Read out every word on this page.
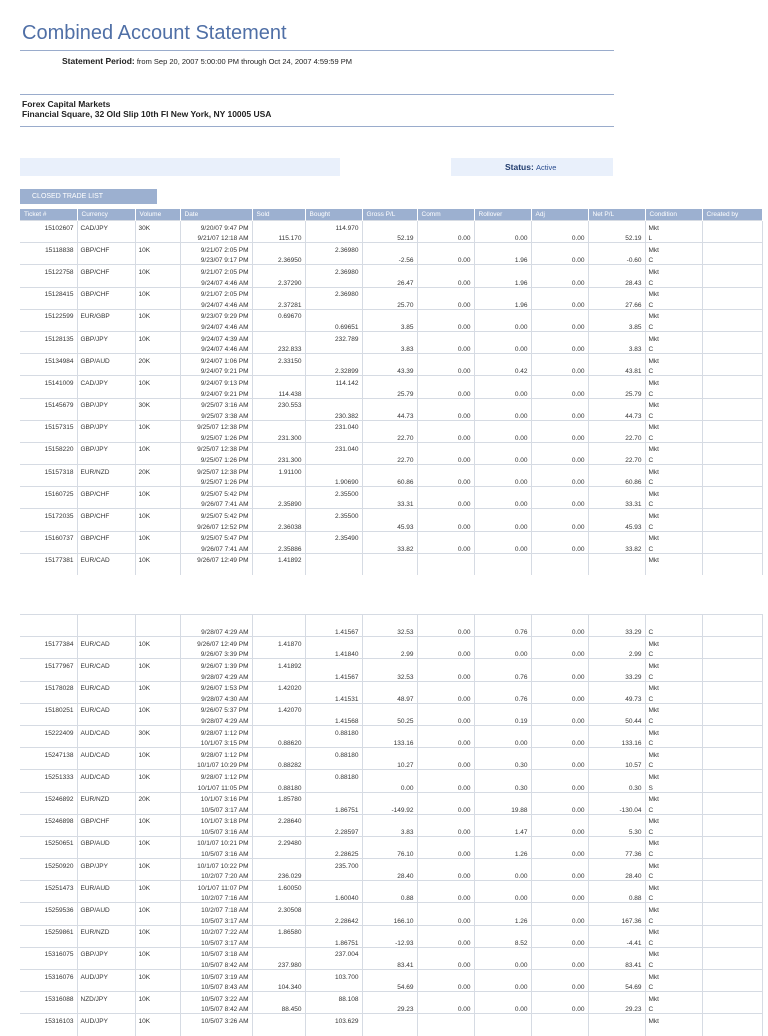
Combined Account Statement
Statement Period: from Sep 20, 2007 5:00:00 PM through Oct 24, 2007 4:59:59 PM
Forex Capital Markets
Financial Square, 32 Old Slip 10th Fl New York, NY 10005 USA
Status: Active
CLOSED TRADE LIST
Ticket #	Currency	Volume	Date	Sold	Bought	Gross P/L	Comm	Rollover	Adj	Net P/L	Condition	Created by
15102607	CAD/JPY	30K	9/20/07 9:47 PM		114.970						Mkt	
			9/21/07 12:18 AM	115.170		52.19	0.00	0.00	0.00	52.19	L	
15118838	GBP/CHF	10K	9/21/07 2:05 PM		2.36980						Mkt	
			9/23/07 9:17 PM	2.36950		-2.56	0.00	1.96	0.00	-0.60	C	
15122758	GBP/CHF	10K	9/21/07 2:05 PM		2.36980						Mkt	
			9/24/07 4:46 AM	2.37290		26.47	0.00	1.96	0.00	28.43	C	
15128415	GBP/CHF	10K	9/21/07 2:05 PM		2.36980						Mkt	
			9/24/07 4:46 AM	2.37281		25.70	0.00	1.96	0.00	27.66	C	
15122599	EUR/GBP	10K	9/23/07 9:29 PM	0.69670							Mkt	
			9/24/07 4:46 AM		0.69651	3.85	0.00	0.00	0.00	3.85	C	
15128135	GBP/JPY	10K	9/24/07 4:39 AM		232.789						Mkt	
			9/24/07 4:46 AM	232.833		3.83	0.00	0.00	0.00	3.83	C	
15134984	GBP/AUD	20K	9/24/07 1:06 PM	2.33150							Mkt	
			9/24/07 9:21 PM		2.32899	43.39	0.00	0.42	0.00	43.81	C	
15141009	CAD/JPY	10K	9/24/07 9:13 PM		114.142						Mkt	
			9/24/07 9:21 PM	114.438		25.79	0.00	0.00	0.00	25.79	C	
15145679	GBP/JPY	30K	9/25/07 3:16 AM	230.553							Mkt	
			9/25/07 3:38 AM		230.382	44.73	0.00	0.00	0.00	44.73	C	
15157315	GBP/JPY	10K	9/25/07 12:38 PM		231.040						Mkt	
			9/25/07 1:26 PM	231.300		22.70	0.00	0.00	0.00	22.70	C	
15158220	GBP/JPY	10K	9/25/07 12:38 PM		231.040						Mkt	
			9/25/07 1:26 PM	231.300		22.70	0.00	0.00	0.00	22.70	C	
15157318	EUR/NZD	20K	9/25/07 12:38 PM	1.91100							Mkt	
			9/25/07 1:26 PM		1.90690	60.86	0.00	0.00	0.00	60.86	C	
15160725	GBP/CHF	10K	9/25/07 5:42 PM		2.35500						Mkt	
			9/26/07 7:41 AM	2.35890		33.31	0.00	0.00	0.00	33.31	C	
15172035	GBP/CHF	10K	9/25/07 5:42 PM		2.35500						Mkt	
			9/26/07 12:52 PM	2.36038		45.93	0.00	0.00	0.00	45.93	C	
15160737	GBP/CHF	10K	9/25/07 5:47 PM		2.35490						Mkt	
			9/26/07 7:41 AM	2.35886		33.82	0.00	0.00	0.00	33.82	C	
15177381	EUR/CAD	10K	9/26/07 12:49 PM	1.41892							Mkt	

			9/28/07 4:29 AM		1.41567	32.53	0.00	0.76	0.00	33.29	C	
15177384	EUR/CAD	10K	9/26/07 12:49 PM	1.41870							Mkt	
			9/26/07 3:39 PM		1.41840	2.99	0.00	0.00	0.00	2.99	C	
15177967	EUR/CAD	10K	9/26/07 1:39 PM	1.41892							Mkt	
			9/28/07 4:29 AM		1.41567	32.53	0.00	0.76	0.00	33.29	C	
15178028	EUR/CAD	10K	9/26/07 1:53 PM	1.42020							Mkt	
			9/28/07 4:30 AM		1.41531	48.97	0.00	0.76	0.00	49.73	C	
15180251	EUR/CAD	10K	9/26/07 5:37 PM	1.42070							Mkt	
			9/28/07 4:29 AM		1.41568	50.25	0.00	0.19	0.00	50.44	C	
15222409	AUD/CAD	30K	9/28/07 1:12 PM		0.88180						Mkt	
			10/1/07 3:15 PM	0.88620		133.16	0.00	0.00	0.00	133.16	C	
15247138	AUD/CAD	10K	9/28/07 1:12 PM		0.88180						Mkt	
			10/1/07 10:29 PM	0.88282		10.27	0.00	0.30	0.00	10.57	C	
15251333	AUD/CAD	10K	9/28/07 1:12 PM		0.88180						Mkt	
			10/1/07 11:05 PM	0.88180		0.00	0.00	0.30	0.00	0.30	S	
15246892	EUR/NZD	20K	10/1/07 3:16 PM	1.85780							Mkt	
			10/5/07 3:17 AM		1.86751	-149.92	0.00	19.88	0.00	-130.04	C	
15246898	GBP/CHF	10K	10/1/07 3:18 PM	2.28640							Mkt	
			10/5/07 3:16 AM		2.28597	3.83	0.00	1.47	0.00	5.30	C	
15250651	GBP/AUD	10K	10/1/07 10:21 PM	2.29480							Mkt	
			10/5/07 3:16 AM		2.28625	76.10	0.00	1.26	0.00	77.36	C	
15250920	GBP/JPY	10K	10/1/07 10:22 PM		235.700						Mkt	
			10/2/07 7:20 AM	236.029		28.40	0.00	0.00	0.00	28.40	C	
15251473	EUR/AUD	10K	10/1/07 11:07 PM	1.60050							Mkt	
			10/2/07 7:16 AM		1.60040	0.88	0.00	0.00	0.00	0.88	C	
15259536	GBP/AUD	10K	10/2/07 7:18 AM	2.30508							Mkt	
			10/5/07 3:17 AM		2.28642	166.10	0.00	1.26	0.00	167.36	C	
15259861	EUR/NZD	10K	10/2/07 7:22 AM	1.86580							Mkt	
			10/5/07 3:17 AM		1.86751	-12.93	0.00	8.52	0.00	-4.41	C	
15316075	GBP/JPY	10K	10/5/07 3:18 AM		237.004						Mkt	
			10/5/07 8:42 AM	237.980		83.41	0.00	0.00	0.00	83.41	C	
15316076	AUD/JPY	10K	10/5/07 3:19 AM		103.700						Mkt	
			10/5/07 8:43 AM	104.340		54.69	0.00	0.00	0.00	54.69	C	
15316088	NZD/JPY	10K	10/5/07 3:22 AM		88.108						Mkt	
			10/5/07 8:42 AM	88.450		29.23	0.00	0.00	0.00	29.23	C	
15316103	AUD/JPY	10K	10/5/07 3:26 AM		103.629						Mkt	
